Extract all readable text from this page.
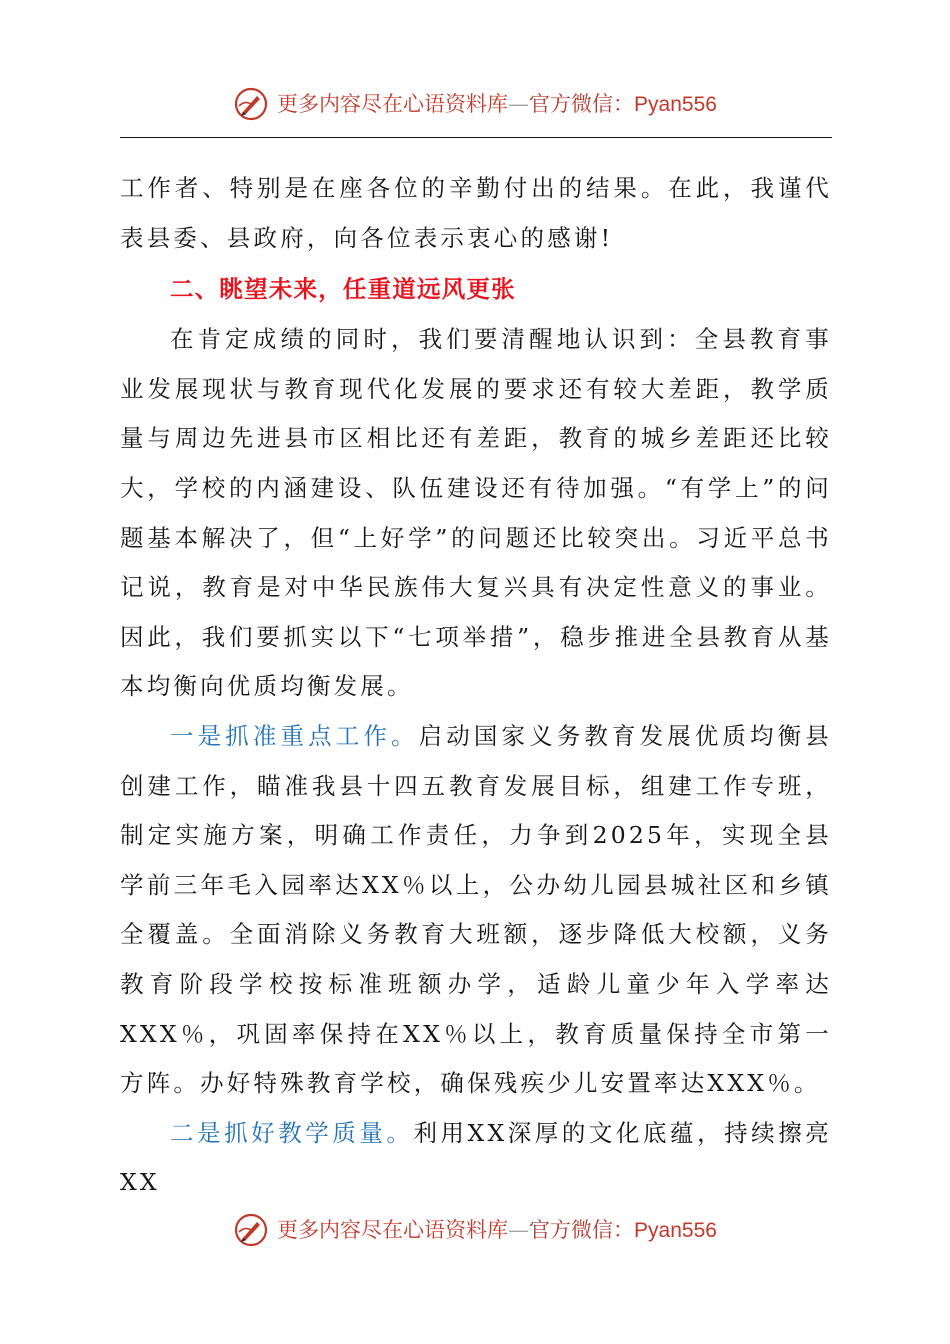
更多内容尽在心语资料库—官方微信：Pyan556

工作者、特别是在座各位的辛勤付出的结果。在此，我谨代表县委、县政府，向各位表示衷心的感谢!

二、眺望未来，任重道远风更张

在肯定成绩的同时，我们要清醒地认识到：全县教育事业发展现状与教育现代化发展的要求还有较大差距，教学质量与周边先进县市区相比还有差距，教育的城乡差距还比较大，学校的内涵建设、队伍建设还有待加强。“有学上”的问题基本解决了，但“上好学”的问题还比较突出。习近平总书记说，教育是对中华民族伟大复兴具有决定性意义的事业。因此，我们要抓实以下“七项举措”，稳步推进全县教育从基本均衡向优质均衡发展。

一是抓准重点工作。启动国家义务教育发展优质均衡县创建工作，瞄准我县十四五教育发展目标，组建工作专班，制定实施方案，明确工作责任，力争到2025年，实现全县学前三年毛入园率达XX％以上，公办幼儿园县城社区和乡镇全覆盖。全面消除义务教育大班额，逐步降低大校额，义务教育阶段学校按标准班额办学，适龄儿童少年入学率达XXX％，巩固率保持在XX％以上，教育质量保持全市第一方阵。办好特殊教育学校，确保残疾少儿安置率达XXX％。

二是抓好教学质量。利用XX深厚的文化底蕴，持续擦亮XX

更多内容尽在心语资料库—官方微信：Pyan556
